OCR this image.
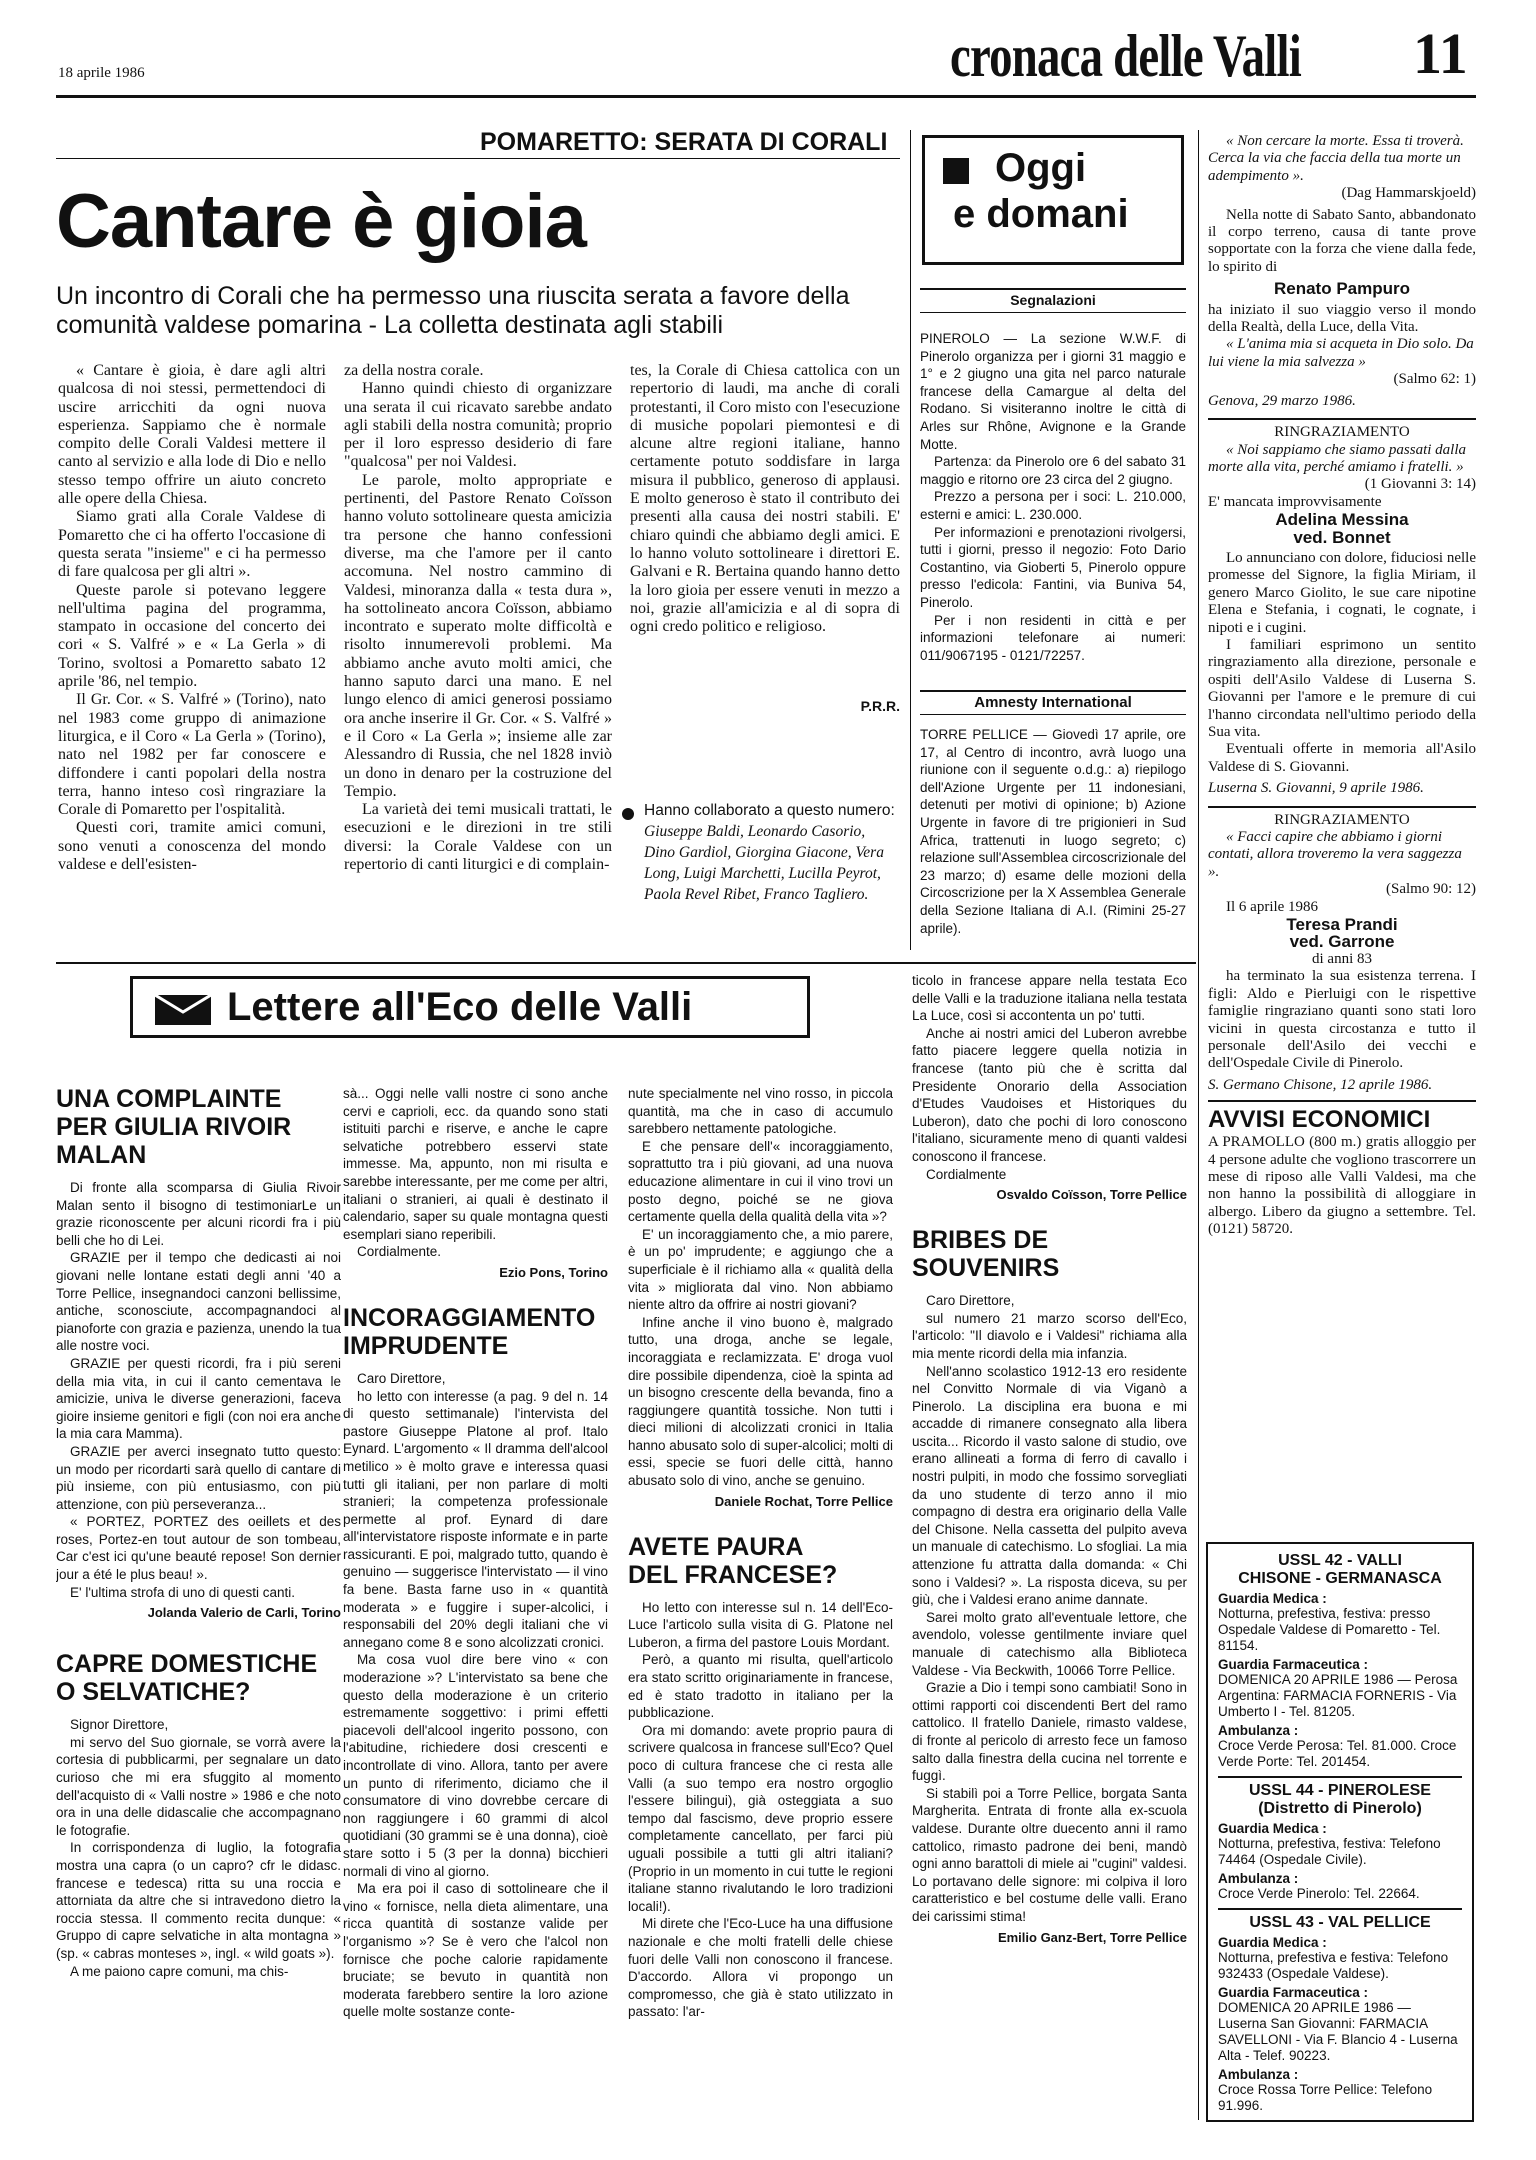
18 aprile 1986	cronaca delle Valli 11
POMARETTO: SERATA DI CORALI
Cantare è gioia
Un incontro di Corali che ha permesso una riuscita serata a favore della comunità valdese pomarina - La colletta destinata agli stabili

« Cantare è gioia, è dare agli altri qualcosa di noi stessi, permettendoci di uscire arricchiti da ogni nuova esperienza. Sappiamo che è normale compito delle Corali Valdesi mettere il canto al servizio e alla lode di Dio e nello stesso tempo offrire un aiuto concreto alle opere della Chiesa.

Siamo grati alla Corale Valdese di Pomaretto che ci ha offerto l'occasione di questa serata "insieme" e ci ha permesso di fare qualcosa per gli altri ».

Queste parole si potevano leggere nell'ultima pagina del programma, stampato in occasione del concerto dei cori « S. Valfré » e « La Gerla » di Torino, svoltosi a Pomaretto sabato 12 aprile '86, nel tempio.

Il Gr. Cor. « S. Valfré » (Torino), nato nel 1983 come gruppo di animazione liturgica, e il Coro « La Gerla » (Torino), nato nel 1982 per far conoscere e diffondere i canti popolari della nostra terra, hanno inteso così ringraziare la Corale di Pomaretto per l'ospitalità.

Questi cori, tramite amici comuni, sono venuti a conoscenza del mondo valdese e dell'esisten-

za della nostra corale.

Hanno quindi chiesto di organizzare una serata il cui ricavato sarebbe andato agli stabili della nostra comunità; proprio per il loro espresso desiderio di fare "qualcosa" per noi Valdesi.

Le parole, molto appropriate e pertinenti, del Pastore Renato Coïsson hanno voluto sottolineare questa amicizia tra persone che hanno confessioni diverse, ma che l'amore per il canto accomuna. Nel nostro cammino di Valdesi, minoranza dalla « testa dura », ha sottolineato ancora Coïsson, abbiamo incontrato e superato molte difficoltà e risolto innumerevoli problemi. Ma abbiamo anche avuto molti amici, che hanno saputo darci una mano. E nel lungo elenco di amici generosi possiamo ora anche inserire il Gr. Cor. « S. Valfré » e il Coro « La Gerla »; insieme alle zar Alessandro di Russia, che nel 1828 inviò un dono in denaro per la costruzione del Tempio.

La varietà dei temi musicali trattati, le esecuzioni e le direzioni in tre stili diversi: la Corale Valdese con un repertorio di canti liturgici e di complain-

tes, la Corale di Chiesa cattolica con un repertorio di laudi, ma anche di corali protestanti, il Coro misto con l'esecuzione di musiche popolari piemontesi e di alcune altre regioni italiane, hanno certamente potuto soddisfare in larga misura il pubblico, generoso di applausi. E molto generoso è stato il contributo dei presenti alla causa dei nostri stabili. E' chiaro quindi che abbiamo degli amici. E lo hanno voluto sottolineare i direttori E. Galvani e R. Bertaina quando hanno detto la loro gioia per essere venuti in mezzo a noi, grazie all'amicizia e al di sopra di ogni credo politico e religioso.

P.R.R.
Hanno collaborato a questo numero: Giuseppe Baldi, Leonardo Casorio, Dino Gardiol, Giorgina Giacone, Vera Long, Luigi Marchetti, Lucilla Peyrot, Paola Revel Ribet, Franco Tagliero.
Oggi
e domani
Segnalazioni

PINEROLO — La sezione W.W.F. di Pinerolo organizza per i giorni 31 maggio e 1° e 2 giugno una gita nel parco naturale francese della Camargue al delta del Rodano. Si visiteranno inoltre le città di Arles sur Rhône, Avignone e la Grande Motte.

Partenza: da Pinerolo ore 6 del sabato 31 maggio e ritorno ore 23 circa del 2 giugno.

Prezzo a persona per i soci: L. 210.000, esterni e amici: L. 230.000.

Per informazioni e prenotazioni rivolgersi, tutti i giorni, presso il negozio: Foto Dario Costantino, via Gioberti 5, Pinerolo oppure presso l'edicola: Fantini, via Buniva 54, Pinerolo.

Per i non residenti in città e per informazioni telefonare ai numeri: 011/9067195 - 0121/72257.

Amnesty International

TORRE PELLICE — Giovedì 17 aprile, ore 17, al Centro di incontro, avrà luogo una riunione con il seguente o.d.g.: a) riepilogo dell'Azione Urgente per 11 indonesiani, detenuti per motivi di opinione; b) Azione Urgente in favore di tre prigionieri in Sud Africa, trattenuti in luogo segreto; c) relazione sull'Assemblea circoscrizionale del 23 marzo; d) esame delle mozioni della Circoscrizione per la X Assemblea Generale della Sezione Italiana di A.I. (Rimini 25-27 aprile).

« Non cercare la morte. Essa ti troverà. Cerca la via che faccia della tua morte un adempimento ».

(Dag Hammarskjoeld)

Nella notte di Sabato Santo, abbandonato il corpo terreno, causa di tante prove sopportate con la forza che viene dalla fede, lo spirito di

Renato Pampuro

ha iniziato il suo viaggio verso il mondo della Realtà, della Luce, della Vita.

« L'anima mia si acqueta in Dio solo. Da lui viene la mia salvezza »

(Salmo 62: 1)

Genova, 29 marzo 1986.

RINGRAZIAMENTO

« Noi sappiamo che siamo passati dalla morte alla vita, perché amiamo i fratelli. »

(1 Giovanni 3: 14)

E' mancata improvvisamente

Adelina Messina

ved. Bonnet

Lo annunciano con dolore, fiduciosi nelle promesse del Signore, la figlia Miriam, il genero Marco Giolito, le sue care nipotine Elena e Stefania, i cognati, le cognate, i nipoti e i cugini.

I familiari esprimono un sentito ringraziamento alla direzione, personale e ospiti dell'Asilo Valdese di Luserna S. Giovanni per l'amore e le premure di cui l'hanno circondata nell'ultimo periodo della Sua vita.

Eventuali offerte in memoria all'Asilo Valdese di S. Giovanni.

Luserna S. Giovanni, 9 aprile 1986.

RINGRAZIAMENTO

« Facci capire che abbiamo i giorni contati, allora troveremo la vera saggezza ».

(Salmo 90: 12)

Il 6 aprile 1986

Teresa Prandi

ved. Garrone

di anni 83

ha terminato la sua esistenza terrena. I figli: Aldo e Pierluigi con le rispettive famiglie ringraziano quanti sono stati loro vicini in questa circostanza e tutto il personale dell'Asilo dei vecchi e dell'Ospedale Civile di Pinerolo.

S. Germano Chisone, 12 aprile 1986.

AVVISI ECONOMICI

A PRAMOLLO (800 m.) gratis alloggio per 4 persone adulte che vogliono trascorrere un mese di riposo alle Valli Valdesi, ma che non hanno la possibilità di alloggiare in albergo. Libero da giugno a settembre. Tel. (0121) 58720.

USSL 42 - VALLI
CHISONE - GERMANASCA
Guardia Medica :
Notturna, prefestiva, festiva: presso Ospedale Valdese di Pomaretto - Tel. 81154.
Guardia Farmaceutica :
DOMENICA 20 APRILE 1986 — Perosa Argentina: FARMACIA FORNERIS - Via Umberto I - Tel. 81205.
Ambulanza :
Croce Verde Perosa: Tel. 81.000. Croce Verde Porte: Tel. 201454.
USSL 44 - PINEROLESE
(Distretto di Pinerolo)
Guardia Medica :
Notturna, prefestiva, festiva: Telefono 74464 (Ospedale Civile).
Ambulanza :
Croce Verde Pinerolo: Tel. 22664.
USSL 43 - VAL PELLICE
Guardia Medica :
Notturna, prefestiva e festiva: Telefono 932433 (Ospedale Valdese).
Guardia Farmaceutica :
DOMENICA 20 APRILE 1986 — Luserna San Giovanni: FARMACIA SAVELLONI - Via F. Blancio 4 - Luserna Alta - Telef. 90223.
Ambulanza :
Croce Rossa Torre Pellice: Telefono 91.996.
Lettere all'Eco delle Valli
UNA COMPLAINTE PER GIULIA RIVOIR MALAN

Di fronte alla scomparsa di Giulia Rivoir Malan sento il bisogno di testimoniarLe un grazie riconoscente per alcuni ricordi fra i più belli che ho di Lei.

GRAZIE per il tempo che dedicasti ai noi giovani nelle lontane estati degli anni '40 a Torre Pellice, insegnandoci canzoni bellissime, antiche, sconosciute, accompagnandoci al pianoforte con grazia e pazienza, unendo la tua alle nostre voci.

GRAZIE per questi ricordi, fra i più sereni della mia vita, in cui il canto cementava le amicizie, univa le diverse generazioni, faceva gioire insieme genitori e figli (con noi era anche la mia cara Mamma).

GRAZIE per averci insegnato tutto questo: un modo per ricordarti sarà quello di cantare di più insieme, con più entusiasmo, con più attenzione, con più perseveranza...

« PORTEZ, PORTEZ des oeillets et des roses, Portez-en tout autour de son tombeau, Car c'est ici qu'une beauté repose! Son dernier jour a été le plus beau! ».

E' l'ultima strofa di uno di questi canti.

Jolanda Valerio de Carli, Torino
CAPRE DOMESTICHE O SELVATICHE?

Signor Direttore,

mi servo del Suo giornale, se vorrà avere la cortesia di pubblicarmi, per segnalare un dato curioso che mi era sfuggito al momento dell'acquisto di « Valli nostre » 1986 e che noto ora in una delle didascalie che accompagnano le fotografie.

In corrispondenza di luglio, la fotografia mostra una capra (o un capro? cfr le didasc. francese e tedesca) ritta su una roccia e attorniata da altre che si intravedono dietro la roccia stessa. Il commento recita dunque: « Gruppo di capre selvatiche in alta montagna » (sp. « cabras monteses », ingl. « wild goats »).

A me paiono capre comuni, ma chis-

sà... Oggi nelle valli nostre ci sono anche cervi e caprioli, ecc. da quando sono stati istituiti parchi e riserve, e anche le capre selvatiche potrebbero esservi state immesse. Ma, appunto, non mi risulta e sarebbe interessante, per me come per altri, italiani o stranieri, ai quali è destinato il calendario, saper su quale montagna questi esemplari siano reperibili.

Cordialmente.

Ezio Pons, Torino
INCORAGGIAMENTO IMPRUDENTE

Caro Direttore,

ho letto con interesse (a pag. 9 del n. 14 di questo settimanale) l'intervista del pastore Giuseppe Platone al prof. Italo Eynard. L'argomento « Il dramma dell'alcool metilico » è molto grave e interessa quasi tutti gli italiani, per non parlare di molti stranieri; la competenza professionale permette al prof. Eynard di dare all'intervistatore risposte informate e in parte rassicuranti. E poi, malgrado tutto, quando è genuino — suggerisce l'intervistato — il vino fa bene. Basta farne uso in « quantità moderata » e fuggire i super-alcolici, i responsabili del 20% degli italiani che vi annegano come 8 e sono alcolizzati cronici.

Ma cosa vuol dire bere vino « con moderazione »? L'intervistato sa bene che questo della moderazione è un criterio estremamente soggettivo: i primi effetti piacevoli dell'alcool ingerito possono, con l'abitudine, richiedere dosi crescenti e incontrollate di vino. Allora, tanto per avere un punto di riferimento, diciamo che il consumatore di vino dovrebbe cercare di non raggiungere i 60 grammi di alcol quotidiani (30 grammi se è una donna), cioè stare sotto i 5 (3 per la donna) bicchieri normali di vino al giorno.

Ma era poi il caso di sottolineare che il vino « fornisce, nella dieta alimentare, una ricca quantità di sostanze valide per l'organismo »? Se è vero che l'alcol non fornisce che poche calorie rapidamente bruciate; se bevuto in quantità non moderata farebbero sentire la loro azione quelle molte sostanze conte-

nute specialmente nel vino rosso, in piccola quantità, ma che in caso di accumulo sarebbero nettamente patologiche.

E che pensare dell'« incoraggiamento, soprattutto tra i più giovani, ad una nuova educazione alimentare in cui il vino trovi un posto degno, poiché se ne giova certamente quella della qualità della vita »?

E' un incoraggiamento che, a mio parere, è un po' imprudente; e aggiungo che a superficiale è il richiamo alla « qualità della vita » migliorata dal vino. Non abbiamo niente altro da offrire ai nostri giovani?

Infine anche il vino buono è, malgrado tutto, una droga, anche se legale, incoraggiata e reclamizzata. E' droga vuol dire possibile dipendenza, cioè la spinta ad un bisogno crescente della bevanda, fino a raggiungere quantità tossiche. Non tutti i dieci milioni di alcolizzati cronici in Italia hanno abusato solo di super-alcolici; molti di essi, specie se fuori delle città, hanno abusato solo di vino, anche se genuino.

Daniele Rochat, Torre Pellice
AVETE PAURA DEL FRANCESE?

Ho letto con interesse sul n. 14 dell'Eco-Luce l'articolo sulla visita di G. Platone nel Luberon, a firma del pastore Louis Mordant.

Però, a quanto mi risulta, quell'articolo era stato scritto originariamente in francese, ed è stato tradotto in italiano per la pubblicazione.

Ora mi domando: avete proprio paura di scrivere qualcosa in francese sull'Eco? Quel poco di cultura francese che ci resta alle Valli (a suo tempo era nostro orgoglio l'essere bilingui), già osteggiata a suo tempo dal fascismo, deve proprio essere completamente cancellato, per farci più uguali possibile a tutti gli altri italiani? (Proprio in un momento in cui tutte le regioni italiane stanno rivalutando le loro tradizioni locali!).

Mi direte che l'Eco-Luce ha una diffusione nazionale e che molti fratelli delle chiese fuori delle Valli non conoscono il francese. D'accordo. Allora vi propongo un compromesso, che già è stato utilizzato in passato: l'ar-

ticolo in francese appare nella testata Eco delle Valli e la traduzione italiana nella testata La Luce, così si accontenta un po' tutti.

Anche ai nostri amici del Luberon avrebbe fatto piacere leggere quella notizia in francese (tanto più che è scritta dal Presidente Onorario della Association d'Etudes Vaudoises et Historiques du Luberon), dato che pochi di loro conoscono l'italiano, sicuramente meno di quanti valdesi conoscono il francese.

Cordialmente

Osvaldo Coïsson, Torre Pellice
BRIBES DE SOUVENIRS

Caro Direttore,

sul numero 21 marzo scorso dell'Eco, l'articolo: "Il diavolo e i Valdesi" richiama alla mia mente ricordi della mia infanzia.

Nell'anno scolastico 1912-13 ero residente nel Convitto Normale di via Viganò a Pinerolo. La disciplina era buona e mi accadde di rimanere consegnato alla libera uscita... Ricordo il vasto salone di studio, ove erano allineati a forma di ferro di cavallo i nostri pulpiti, in modo che fossimo sorvegliati da uno studente di terzo anno il mio compagno di destra era originario della Valle del Chisone. Nella cassetta del pulpito aveva un manuale di catechismo. Lo sfogliai. La mia attenzione fu attratta dalla domanda: « Chi sono i Valdesi? ». La risposta diceva, su per giù, che i Valdesi erano anime dannate.

Sarei molto grato all'eventuale lettore, che avendolo, volesse gentilmente inviare quel manuale di catechismo alla Biblioteca Valdese - Via Beckwith, 10066 Torre Pellice.

Grazie a Dio i tempi sono cambiati! Sono in ottimi rapporti coi discendenti Bert del ramo cattolico. Il fratello Daniele, rimasto valdese, di fronte al pericolo di arresto fece un famoso salto dalla finestra della cucina nel torrente e fuggì.

Si stabilì poi a Torre Pellice, borgata Santa Margherita. Entrata di fronte alla ex-scuola valdese. Durante oltre duecento anni il ramo cattolico, rimasto padrone dei beni, mandò ogni anno barattoli di miele ai "cugini" valdesi. Lo portavano delle signore: mi colpiva il loro caratteristico e bel costume delle valli. Erano dei carissimi stima!

Emilio Ganz-Bert, Torre Pellice
